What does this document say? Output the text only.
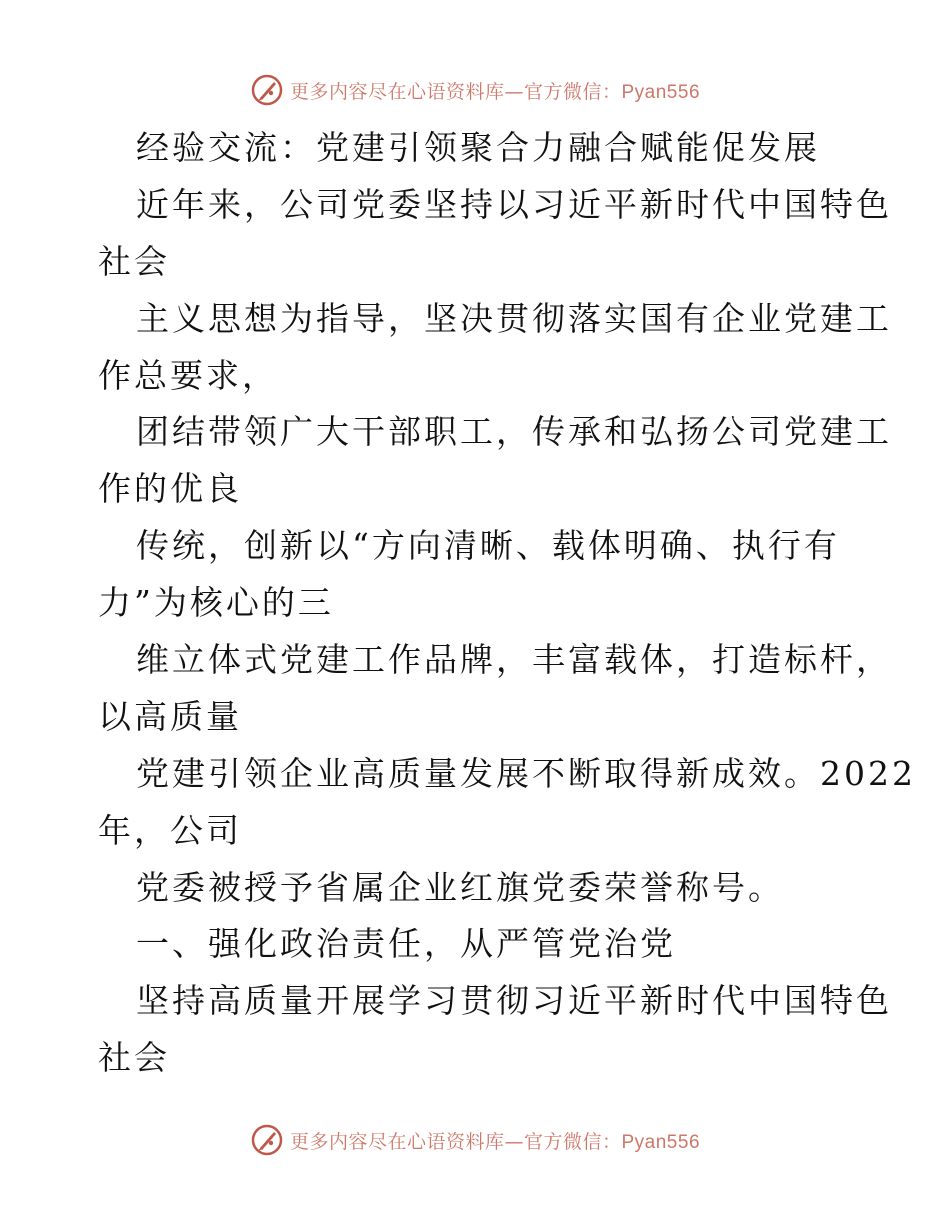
更多内容尽在心语资料库—官方微信：Pyan556
经验交流：党建引领聚合力融合赋能促发展
近年来，公司党委坚持以习近平新时代中国特色
社会
主义思想为指导，坚决贯彻落实国有企业党建工
作总要求，
团结带领广大干部职工，传承和弘扬公司党建工
作的优良
传统，创新以“方向清晰、载体明确、执行有
力”为核心的三
维立体式党建工作品牌，丰富载体，打造标杆，
以高质量
党建引领企业高质量发展不断取得新成效。2022
年，公司
党委被授予省属企业红旗党委荣誉称号。
一、强化政治责任，从严管党治党
坚持高质量开展学习贯彻习近平新时代中国特色
社会
更多内容尽在心语资料库—官方微信：Pyan556
